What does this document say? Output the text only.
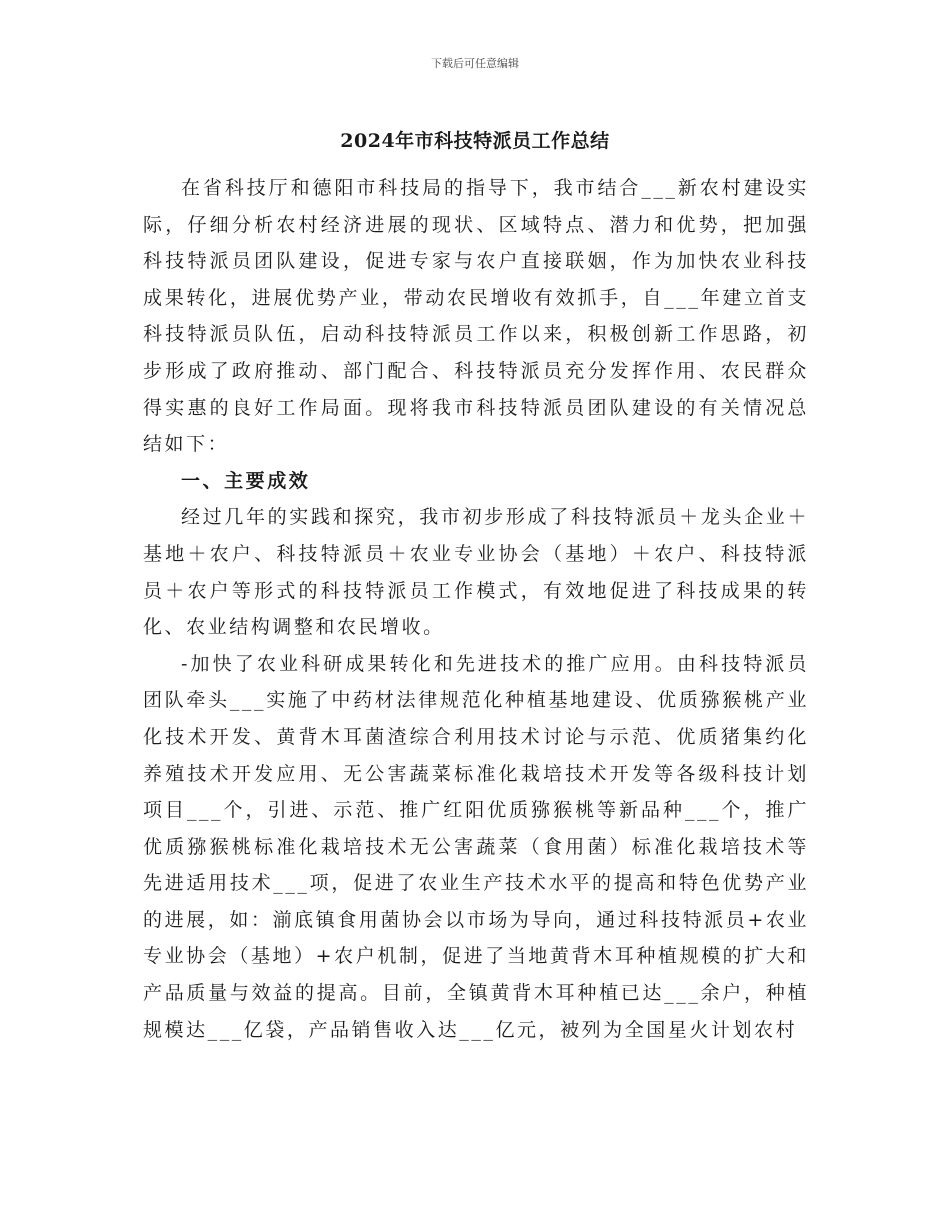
下载后可任意编辑
2024年市科技特派员工作总结

在省科技厅和德阳市科技局的指导下，我市结合___新农村建设实际，仔细分析农村经济进展的现状、区域特点、潜力和优势，把加强科技特派员团队建设，促进专家与农户直接联姻，作为加快农业科技成果转化，进展优势产业，带动农民增收有效抓手，自___年建立首支科技特派员队伍，启动科技特派员工作以来，积极创新工作思路，初步形成了政府推动、部门配合、科技特派员充分发挥作用、农民群众得实惠的良好工作局面。现将我市科技特派员团队建设的有关情况总结如下：

一、主要成效

经过几年的实践和探究，我市初步形成了科技特派员＋龙头企业＋基地＋农户、科技特派员＋农业专业协会（基地）＋农户、科技特派员＋农户等形式的科技特派员工作模式，有效地促进了科技成果的转化、农业结构调整和农民增收。

-加快了农业科研成果转化和先进技术的推广应用。由科技特派员团队牵头___实施了中药材法律规范化种植基地建设、优质猕猴桃产业化技术开发、黄背木耳菌渣综合利用技术讨论与示范、优质猪集约化养殖技术开发应用、无公害蔬菜标准化栽培技术开发等各级科技计划项目___个，引进、示范、推广红阳优质猕猴桃等新品种___个，推广优质猕猴桃标准化栽培技术无公害蔬菜（食用菌）标准化栽培技术等先进适用技术___项，促进了农业生产技术水平的提高和特色优势产业的进展，如：湔底镇食用菌协会以市场为导向，通过科技特派员+农业专业协会（基地）+农户机制，促进了当地黄背木耳种植规模的扩大和产品质量与效益的提高。目前，全镇黄背木耳种植已达___余户，种植规模达___亿袋，产品销售收入达___亿元，被列为全国星火计划农村
